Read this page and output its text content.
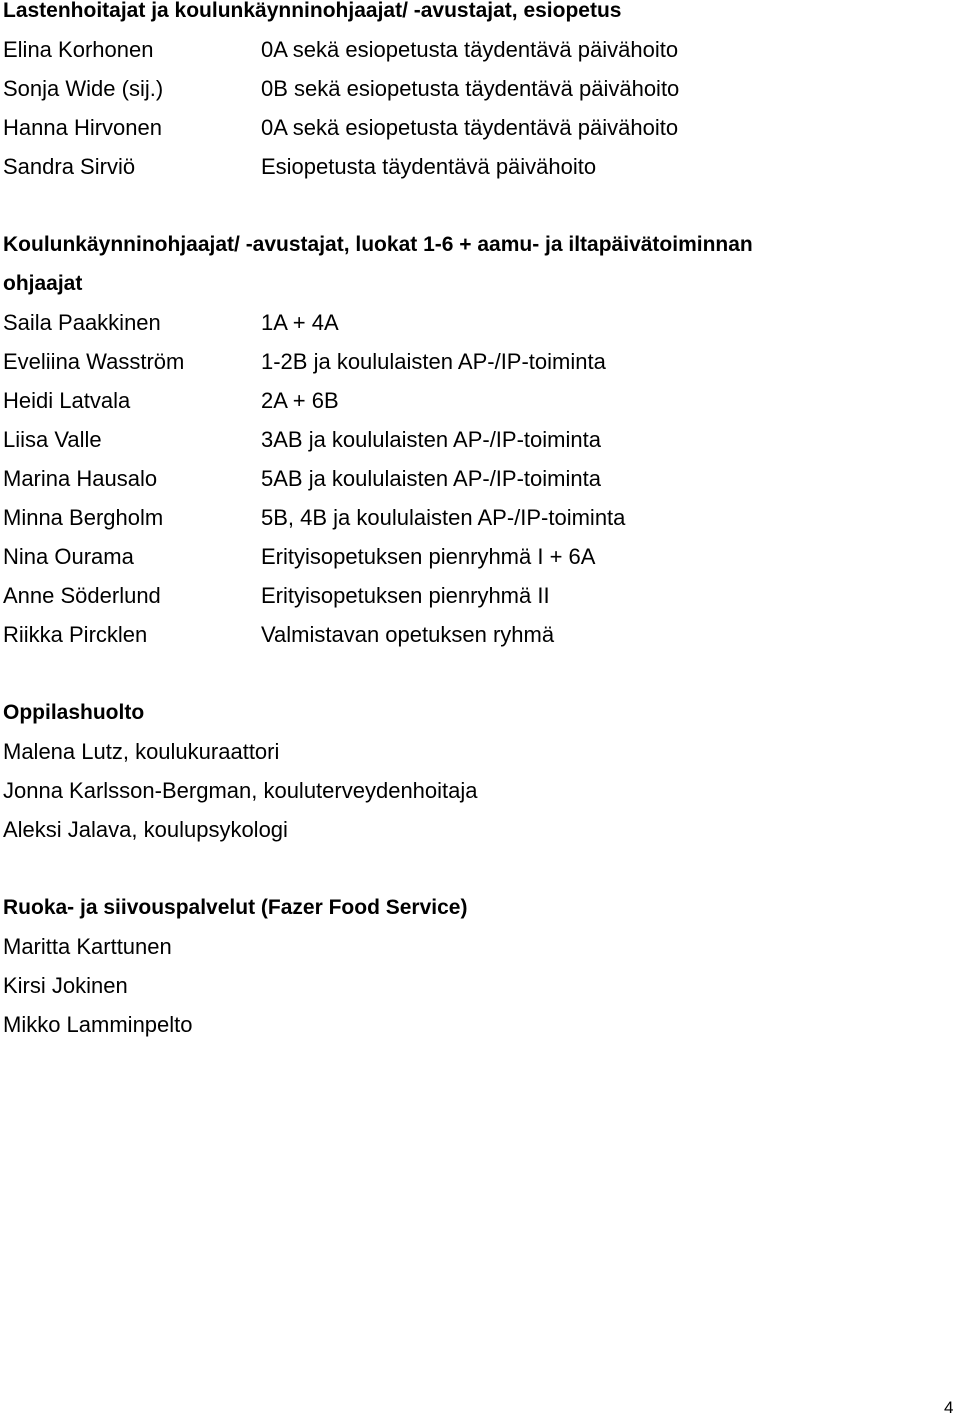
Lastenhoitajat ja koulunkäynninohjaajat/ -avustajat, esiopetus
Elina Korhonen	0A sekä esiopetusta täydentävä päivähoito
Sonja Wide (sij.)	0B sekä esiopetusta täydentävä päivähoito
Hanna Hirvonen	0A sekä esiopetusta täydentävä päivähoito
Sandra Sirviö	Esiopetusta täydentävä päivähoito
Koulunkäynninohjaajat/ -avustajat, luokat 1-6 + aamu- ja iltapäivätoiminnan
ohjaajat
Saila Paakkinen	1A + 4A
Eveliina Wasström	1-2B ja koululaisten AP-/IP-toiminta
Heidi Latvala	2A + 6B
Liisa Valle	3AB ja koululaisten AP-/IP-toiminta
Marina Hausalo	5AB ja koululaisten AP-/IP-toiminta
Minna Bergholm	5B, 4B ja koululaisten AP-/IP-toiminta
Nina Ourama	Erityisopetuksen pienryhmä I + 6A
Anne Söderlund	Erityisopetuksen pienryhmä II
Riikka Pircklen	Valmistavan opetuksen ryhmä
Oppilashuolto
Malena Lutz, koulukuraattori
Jonna Karlsson-Bergman, kouluterveydenhoitaja
Aleksi Jalava, koulupsykologi
Ruoka- ja siivouspalvelut (Fazer Food Service)
Maritta Karttunen
Kirsi Jokinen
Mikko Lamminpelto
4
